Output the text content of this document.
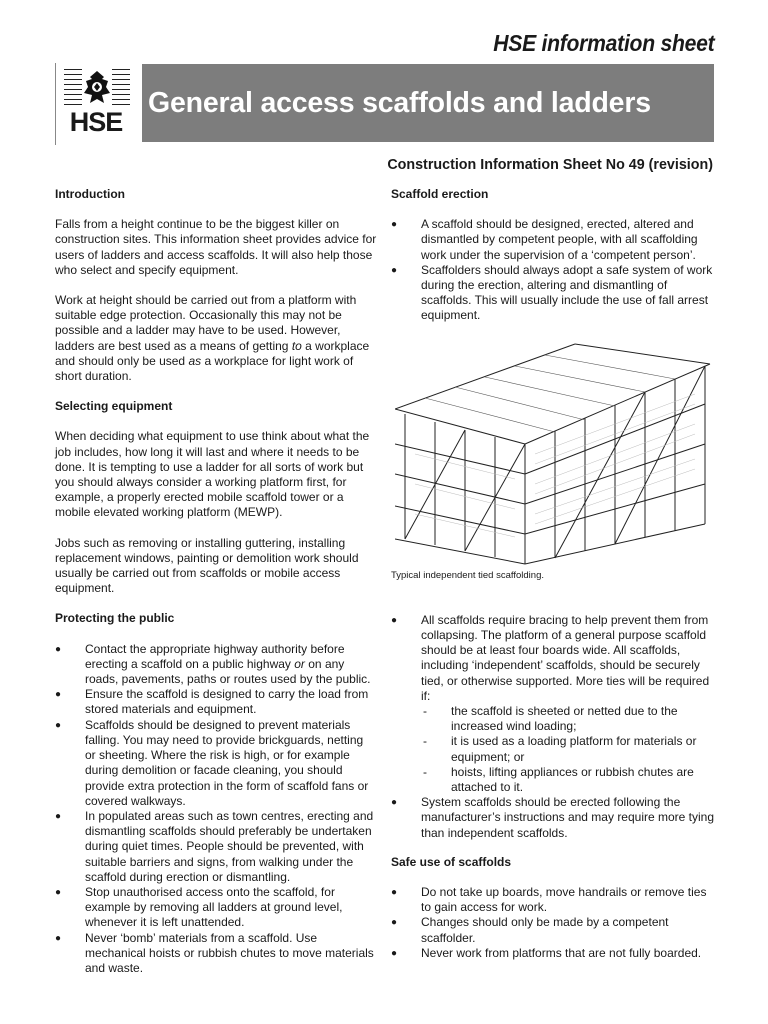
HSE information sheet
HSE
General access scaffolds and ladders
Construction Information Sheet No 49 (revision)
Introduction

Falls from a height continue to be the biggest killer on construction sites. This information sheet provides advice for users of ladders and access scaffolds. It will also help those who select and specify equipment.

Work at height should be carried out from a platform with suitable edge protection. Occasionally this may not be possible and a ladder may have to be used. However, ladders are best used as a means of getting to a workplace and should only be used as a workplace for light work of short duration.

Selecting equipment

When deciding what equipment to use think about what the job includes, how long it will last and where it needs to be done. It is tempting to use a ladder for all sorts of work but you should always consider a working platform first, for example, a properly erected mobile scaffold tower or a mobile elevated working platform (MEWP).

Jobs such as removing or installing guttering, installing replacement windows, painting or demolition work should usually be carried out from scaffolds or mobile access equipment.

Protecting the public
● Contact the appropriate highway authority before erecting a scaffold on a public highway or on any roads, pavements, paths or routes used by the public.
● Ensure the scaffold is designed to carry the load from stored materials and equipment.
● Scaffolds should be designed to prevent materials falling. You may need to provide brickguards, netting or sheeting. Where the risk is high, or for example during demolition or facade cleaning, you should provide extra protection in the form of scaffold fans or covered walkways.
● In populated areas such as town centres, erecting and dismantling scaffolds should preferably be undertaken during quiet times. People should be prevented, with suitable barriers and signs, from walking under the scaffold during erection or dismantling.
● Stop unauthorised access onto the scaffold, for example by removing all ladders at ground level, whenever it is left unattended.
● Never ‘bomb’ materials from a scaffold. Use mechanical hoists or rubbish chutes to move materials and waste.
Scaffold erection
● A scaffold should be designed, erected, altered and dismantled by competent people, with all scaffolding work under the supervision of a ‘competent person’.
● Scaffolders should always adopt a safe system of work during the erection, altering and dismantling of scaffolds. This will usually include the use of fall arrest equipment.
Typical independent tied scaffolding.
● All scaffolds require bracing to help prevent them from collapsing. The platform of a general purpose scaffold should be at least four boards wide. All scaffolds, including ‘independent’ scaffolds, should be securely tied, or otherwise supported. More ties will be required if:
- the scaffold is sheeted or netted due to the increased wind loading;
- it is used as a loading platform for materials or equipment; or
- hoists, lifting appliances or rubbish chutes are attached to it.
● System scaffolds should be erected following the manufacturer’s instructions and may require more tying than independent scaffolds.
Safe use of scaffolds
● Do not take up boards, move handrails or remove ties to gain access for work.
● Changes should only be made by a competent scaffolder.
● Never work from platforms that are not fully boarded.
